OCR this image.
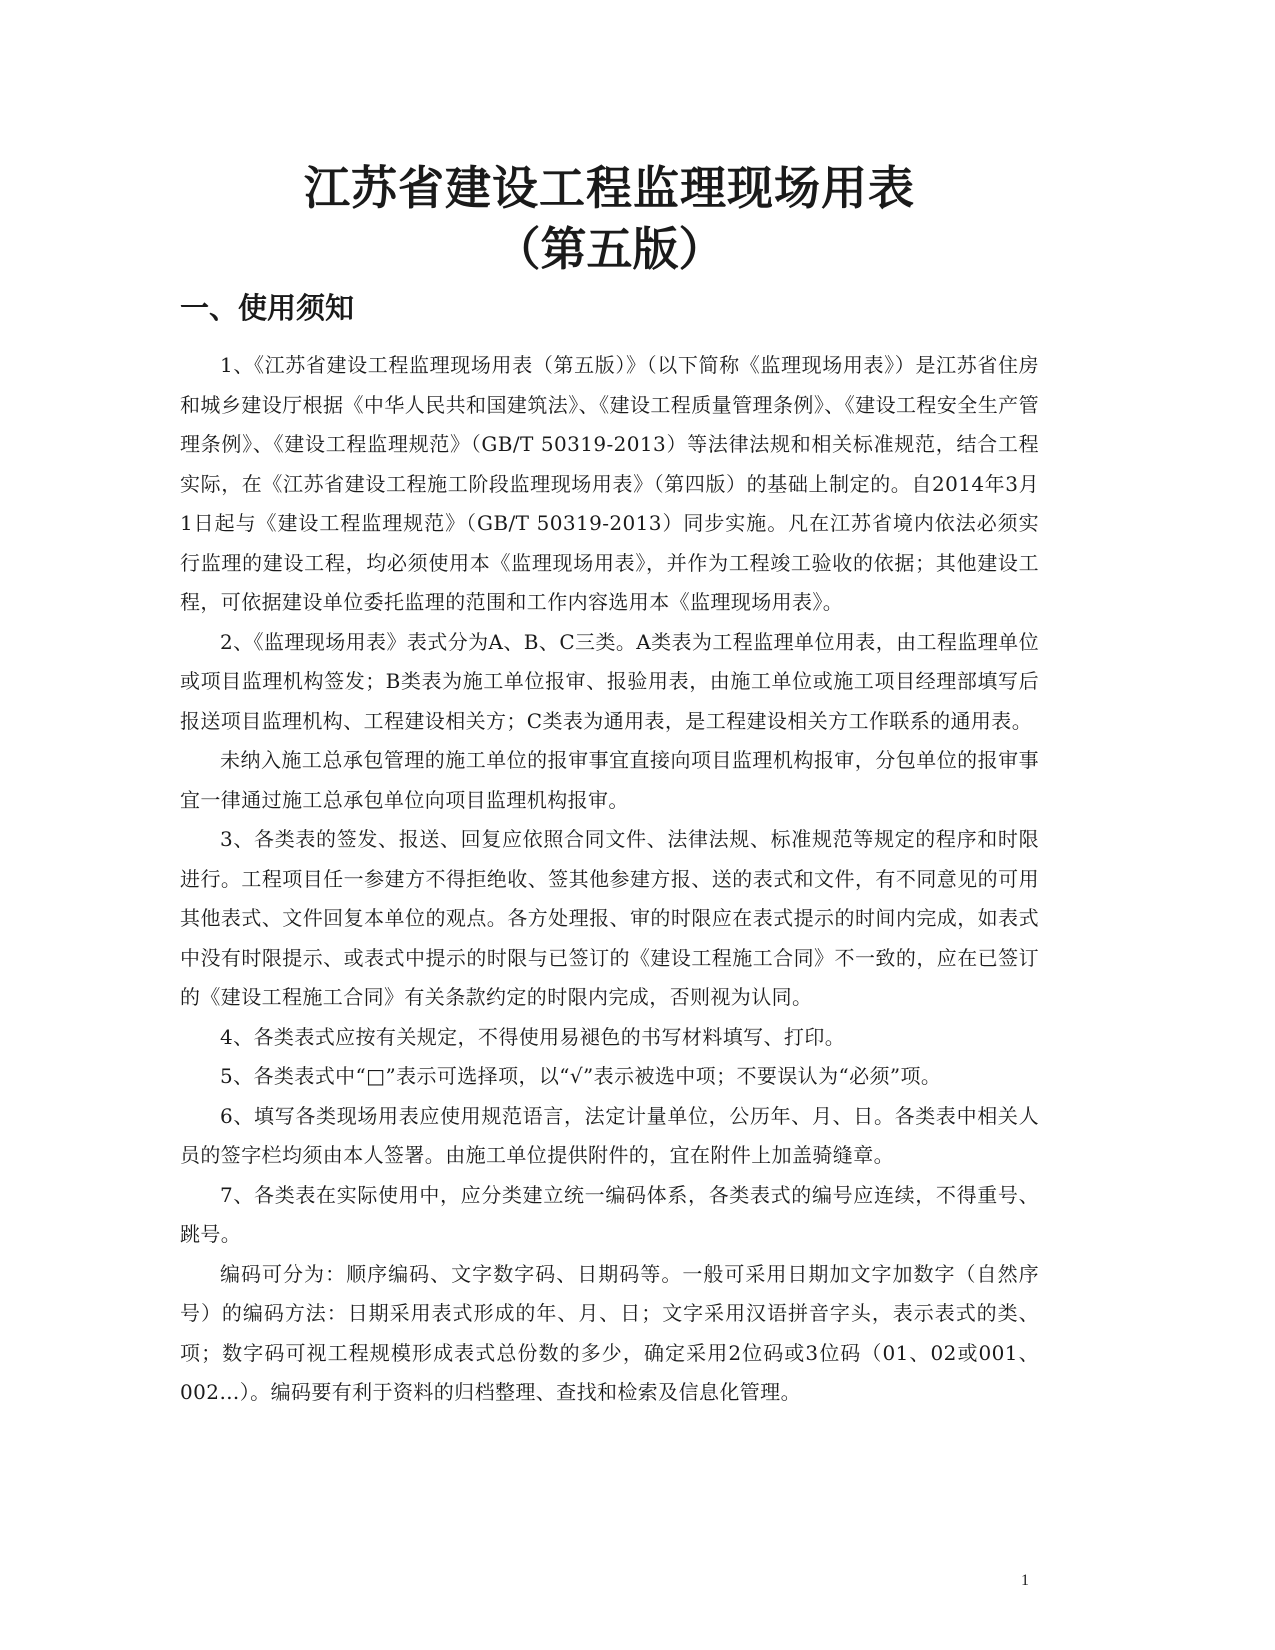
江苏省建设工程监理现场用表
（第五版）
一、使用须知

1、《江苏省建设工程监理现场用表（第五版）》（以下简称《监理现场用表》）是江苏省住房和城乡建设厅根据《中华人民共和国建筑法》、《建设工程质量管理条例》、《建设工程安全生产管理条例》、《建设工程监理规范》（GB/T 50319-2013）等法律法规和相关标准规范，结合工程实际，在《江苏省建设工程施工阶段监理现场用表》（第四版）的基础上制定的。自2014年3月1日起与《建设工程监理规范》（GB/T 50319-2013）同步实施。凡在江苏省境内依法必须实行监理的建设工程，均必须使用本《监理现场用表》，并作为工程竣工验收的依据；其他建设工程，可依据建设单位委托监理的范围和工作内容选用本《监理现场用表》。

2、《监理现场用表》表式分为A、B、C三类。A类表为工程监理单位用表，由工程监理单位或项目监理机构签发；B类表为施工单位报审、报验用表，由施工单位或施工项目经理部填写后报送项目监理机构、工程建设相关方；C类表为通用表，是工程建设相关方工作联系的通用表。

未纳入施工总承包管理的施工单位的报审事宜直接向项目监理机构报审，分包单位的报审事宜一律通过施工总承包单位向项目监理机构报审。

3、各类表的签发、报送、回复应依照合同文件、法律法规、标准规范等规定的程序和时限进行。工程项目任一参建方不得拒绝收、签其他参建方报、送的表式和文件，有不同意见的可用其他表式、文件回复本单位的观点。各方处理报、审的时限应在表式提示的时间内完成，如表式中没有时限提示、或表式中提示的时限与已签订的《建设工程施工合同》不一致的，应在已签订的《建设工程施工合同》有关条款约定的时限内完成，否则视为认同。

4、各类表式应按有关规定，不得使用易褪色的书写材料填写、打印。

5、各类表式中“□”表示可选择项，以“√”表示被选中项；不要误认为“必须”项。

6、填写各类现场用表应使用规范语言，法定计量单位，公历年、月、日。各类表中相关人员的签字栏均须由本人签署。由施工单位提供附件的，宜在附件上加盖骑缝章。

7、各类表在实际使用中，应分类建立统一编码体系，各类表式的编号应连续，不得重号、跳号。

编码可分为：顺序编码、文字数字码、日期码等。一般可采用日期加文字加数字（自然序号）的编码方法：日期采用表式形成的年、月、日；文字采用汉语拼音字头，表示表式的类、项；数字码可视工程规模形成表式总份数的多少，确定采用2位码或3位码（01、02或001、002…）。编码要有利于资料的归档整理、查找和检索及信息化管理。

1
